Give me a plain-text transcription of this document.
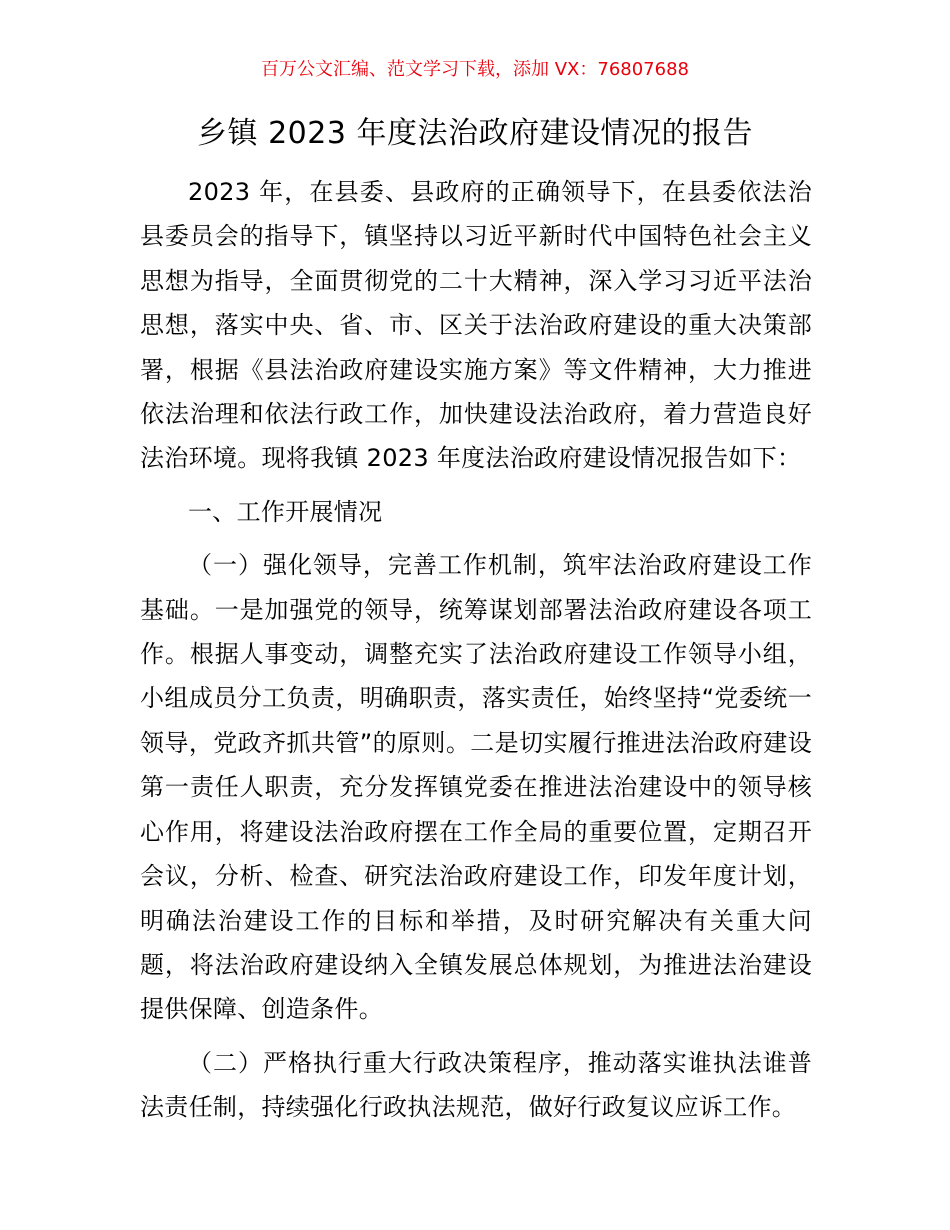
百万公文汇编、范文学习下载，添加 VX：76807688
乡镇 2023 年度法治政府建设情况的报告

2023 年，在县委、县政府的正确领导下，在县委依法治县委员会的指导下，镇坚持以习近平新时代中国特色社会主义思想为指导，全面贯彻党的二十大精神，深入学习习近平法治思想，落实中央、省、市、区关于法治政府建设的重大决策部署，根据《县法治政府建设实施方案》等文件精神，大力推进依法治理和依法行政工作，加快建设法治政府，着力营造良好法治环境。现将我镇 2023 年度法治政府建设情况报告如下：

一、工作开展情况

（一）强化领导，完善工作机制，筑牢法治政府建设工作基础。一是加强党的领导，统筹谋划部署法治政府建设各项工作。根据人事变动，调整充实了法治政府建设工作领导小组，小组成员分工负责，明确职责，落实责任，始终坚持“党委统一领导，党政齐抓共管”的原则。二是切实履行推进法治政府建设第一责任人职责，充分发挥镇党委在推进法治建设中的领导核心作用，将建设法治政府摆在工作全局的重要位置，定期召开会议，分析、检查、研究法治政府建设工作，印发年度计划，明确法治建设工作的目标和举措，及时研究解决有关重大问题，将法治政府建设纳入全镇发展总体规划，为推进法治建设提供保障、创造条件。

（二）严格执行重大行政决策程序，推动落实谁执法谁普法责任制，持续强化行政执法规范，做好行政复议应诉工作。
